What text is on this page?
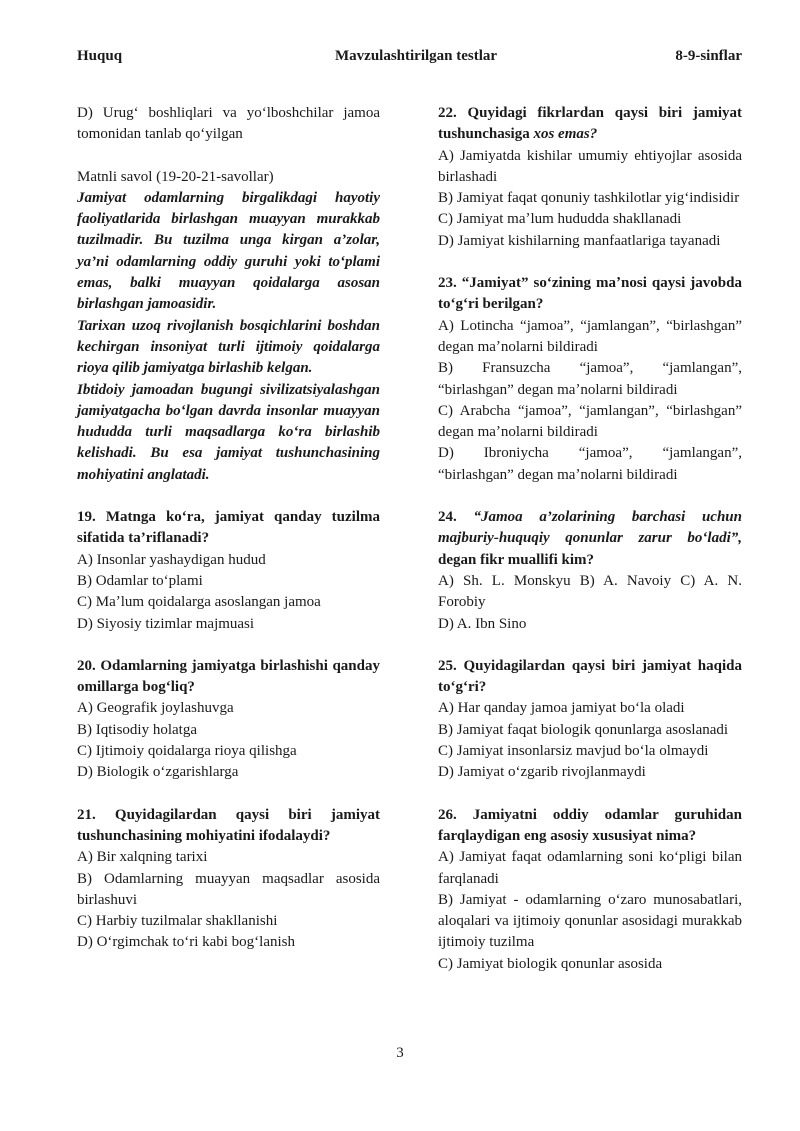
Huquq	Mavzulashtirilgan testlar	8-9-sinflar

D) Urugʻ boshliqlari va yoʻlboshchilar jamoa tomonidan tanlab qoʻyilgan

Matnli savol (19-20-21-savollar)

Jamiyat odamlarning birgalikdagi hayotiy faoliyatlarida birlashgan muayyan murakkab tuzilmadir. Bu tuzilma unga kirgan a’zolar, ya’ni odamlarning oddiy guruhi yoki toʻplami emas, balki muayyan qoidalarga asosan birlashgan jamoasidir.

Tarixan uzoq rivojlanish bosqichlarini boshdan kechirgan insoniyat turli ijtimoiy qoidalarga rioya qilib jamiyatga birlashib kelgan.

Ibtidoiy jamoadan bugungi sivilizatsiyalashgan jamiyatgacha boʻlgan davrda insonlar muayyan hududda turli maqsadlarga koʻra birlashib kelishadi. Bu esa jamiyat tushunchasining mohiyatini anglatadi.

19. Matnga koʻra, jamiyat qanday tuzilma sifatida ta’riflanadi?

A) Insonlar yashaydigan hudud

B) Odamlar toʻplami

C) Maʼlum qoidalarga asoslangan jamoa

D) Siyosiy tizimlar majmuasi

20. Odamlarning jamiyatga birlashishi qanday omillarga bogʻliq?

A) Geografik joylashuvga

B) Iqtisodiy holatga

C) Ijtimoiy qoidalarga rioya qilishga

D) Biologik oʻzgarishlarga

21. Quyidagilardan qaysi biri jamiyat tushunchasining mohiyatini ifodalaydi?

A) Bir xalqning tarixi

B) Odamlarning muayyan maqsadlar asosida birlashuvi

C) Harbiy tuzilmalar shakllanishi

D) Oʻrgimchak toʻri kabi bogʻlanish

22. Quyidagi fikrlardan qaysi biri jamiyat tushunchasiga xos emas?

A) Jamiyatda kishilar umumiy ehtiyojlar asosida birlashadi

B) Jamiyat faqat qonuniy tashkilotlar yigʻindisidir

C) Jamiyat maʼlum hududda shakllanadi

D) Jamiyat kishilarning manfaatlariga tayanadi

23. “Jamiyat” soʻzining maʼnosi qaysi javobda toʻgʻri berilgan?

A) Lotincha “jamoa”, “jamlangan”, “birlashgan” degan maʼnolarni bildiradi

B) Fransuzcha “jamoa”, “jamlangan”, “birlashgan” degan maʼnolarni bildiradi

C) Arabcha “jamoa”, “jamlangan”, “birlashgan” degan maʼnolarni bildiradi

D) Ibroniycha “jamoa”, “jamlangan”, “birlashgan” degan maʼnolarni bildiradi

24. “Jamoa a’zolarining barchasi uchun majburiy-huquqiy qonunlar zarur boʻladi”, degan fikr muallifi kim?

A) Sh. L. Monskyu B) A. Navoiy C) A. N. Forobiy

D) A. Ibn Sino

25. Quyidagilardan qaysi biri jamiyat haqida toʻgʻri?

A) Har qanday jamoa jamiyat boʻla oladi

B) Jamiyat faqat biologik qonunlarga asoslanadi

C) Jamiyat insonlarsiz mavjud boʻla olmaydi

D) Jamiyat oʻzgarib rivojlanmaydi

26. Jamiyatni oddiy odamlar guruhidan farqlaydigan eng asosiy xususiyat nima?

A) Jamiyat faqat odamlarning soni koʻpligi bilan farqlanadi

B) Jamiyat - odamlarning oʻzaro munosabatlari, aloqalari va ijtimoiy qonunlar asosidagi murakkab ijtimoiy tuzilma

C) Jamiyat biologik qonunlar asosida

3
